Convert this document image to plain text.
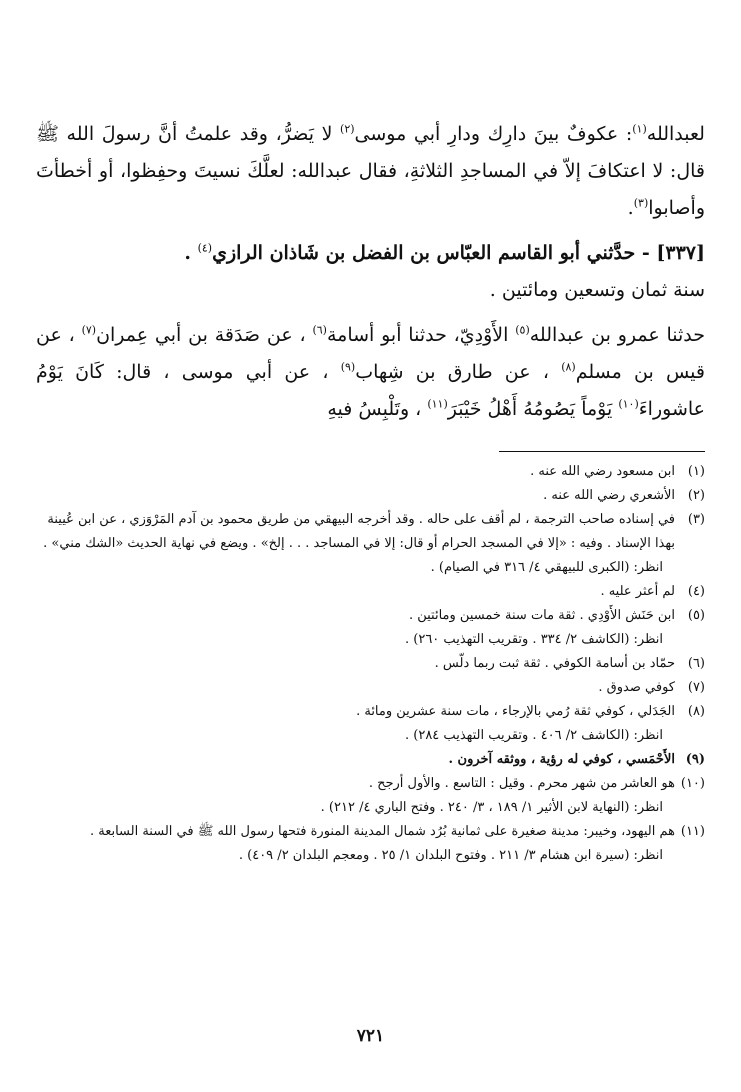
لعبدالله$^{(١)}$: عكوفٌ بينَ دارِك ودارِ أبي موسى$^{(٢)}$ لا يَضرُّ، وقد علمتُ أنَّ رسولَ الله ﷺ قال: لا اعتكافَ إلاّ في المساجدِ الثلاثةِ، فقال عبدالله: لعلَّكَ نسيتَ وحفِظوا، أو أخطأتَ وأصابوا$^{(٣)}$.

[٣٣٧] - حدَّثني أبو القاسم العبّاس بن الفضل بن شَاذان الرازي$^{(٤)}$ .
سنة ثمان وتسعين ومائتين .

حدثنا عمرو بن عبدالله$^{(٥)}$ الأَوْدِيّ، حدثنا أبو أسامة$^{(٦)}$ ، عن صَدَقة بن أبي عِمران$^{(٧)}$ ، عن قيس بن مسلم$^{(٨)}$ ، عن طارق بن شِهاب$^{(٩)}$ ، عن أبي موسى ، قال: كَانَ يَوْمُ عاشوراءَ$^{(١٠)}$ يَوْماً يَصُومُهُ أَهْلُ خَيْبَرَ$^{(١١)}$ ، وتَلْبِسُ فيهِ

(١)
ابن مسعود رضي الله عنه .
(٢)
الأشعري رضي الله عنه .
(٣)
في إسناده صاحب الترجمة ، لم أقف على حاله . وقد أخرجه البيهقي من طريق محمود بن آدم المَرْوَزي ، عن ابن عُيينة بهذا الإسناد . وفيه : «إلا في المسجد الحرام أو قال: إلا في المساجد . . . إلخ» . ويضع في نهاية الحديث «الشك مني» .
انظر: (الكبرى للبيهقي ٤/ ٣١٦ في الصيام) .
(٤)
لم أعثر عليه .
(٥)
ابن حَنَش الأَوْدِي . ثقة مات سنة خمسين ومائتين .
انظر: (الكاشف ٢/ ٣٣٤ . وتقريب التهذيب ٢٦٠) .
(٦)
حمّاد بن أسامة الكوفي . ثقة ثبت ربما دلّس .
(٧)
كوفي صدوق .
(٨)
الجَدَلي ، كوفي ثقة رُمي بالإرجاء ، مات سنة عشرين ومائة .
انظر: (الكاشف ٢/ ٤٠٦ . وتقريب التهذيب ٢٨٤) .
(٩)
الأَحْمَسي ، كوفي له رؤية ، ووثقه آخرون .
(١٠)
هو العاشر من شهر محرم . وقيل : التاسع . والأول أرجح .
انظر: (النهاية لابن الأثير ١/ ١٨٩ ، ٣/ ٢٤٠ . وفتح الباري ٤/ ٢١٢) .
(١١)
هم اليهود، وخيبر: مدينة صغيرة على ثمانية بُرُد شمال المدينة المنورة فتحها رسول الله ﷺ في السنة السابعة .
انظر: (سيرة ابن هشام ٣/ ٢١١ . وفتوح البلدان ١/ ٢٥ . ومعجم البلدان ٢/ ٤٠٩) .
٧٢١
